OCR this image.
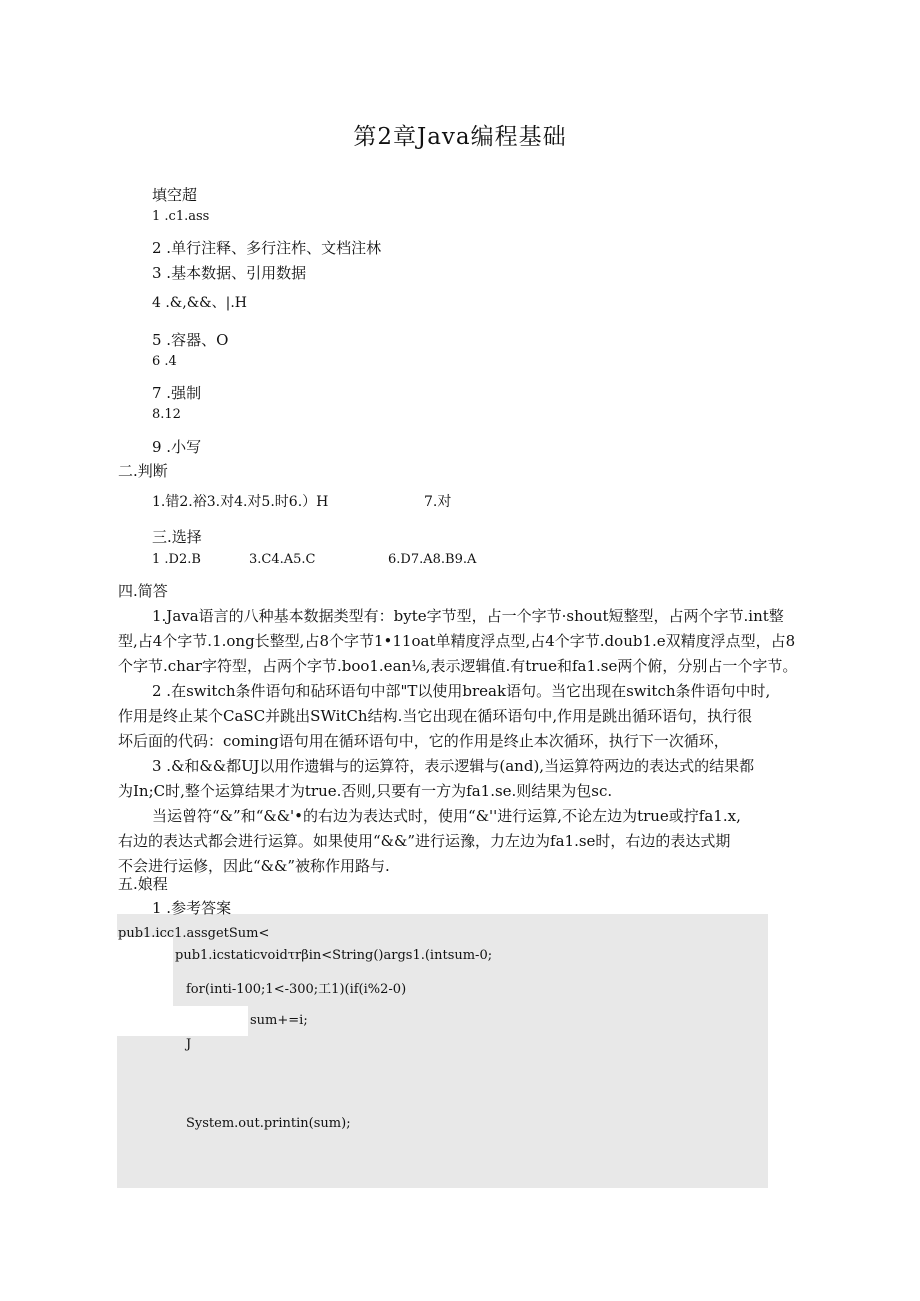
第2章Java编程基础
填空超
1 .c1.ass
2 .单行注释、多行注柞、文档注林
3 .基本数据、引用数据
4 .&,&&、|.H
5 .容器、O
6 .4
7 .强制
8.12
9 .小写
二.判断
1.错2.裕3.对4.对5.时6.）H	7.对
三.选择
1 .D2.B	3.C4.A5.C	6.D7.A8.B9.A
四.简答
1.Java语言的八种基本数据类型有：byte字节型，占一个字节·shout短整型，占两个字节.int整
型,占4个字节.1.ong长整型,占8个字节1•11oat单精度浮点型,占4个字节.doub1.e双精度浮点型，占8
个字节.char字符型，占两个字节.boo1.ean⅛,表示逻辑值.有true和fa1.se两个俯，分别占一个字节。
2 .在switch条件语句和砧环语句中部"T以使用break语句。当它出现在switch条件语句中时,
作用是终止某个CaSC并跳出SWitCh结构.当它出现在循环语句中,作用是跳出循环语句，执行很
坏后面的代码：coming语句用在循环语句中，它的作用是终止本次循环，执行下一次循环，
3 .&和&&都UJ以用作遗辑与的运算符，表示逻辑与(and),当运算符两边的表达式的结果都
为In;C时,整个运算结果才为true.否则,只要有一方为fa1.se.则结果为包sc.
当运曾符“&”和“&&'•的右边为表达式时，使用“&''进行运算,不论左边为true或拧fa1.x,
右边的表达式都会进行运算。如果使用“&&”进行运豫，力左边为fa1.se时，右边的表达式期
不会进行运修，因此“&&”被称作用路与.
五.娘程
1 .参考答案
pub1.icc1.assgetSum<
pub1.icstaticvoidτrβin<String()args1.(intsum-0;
for(inti-100;1<-300;工1)(if(i%2-0)
sum+=i;
J
System.out.printin(sum);
